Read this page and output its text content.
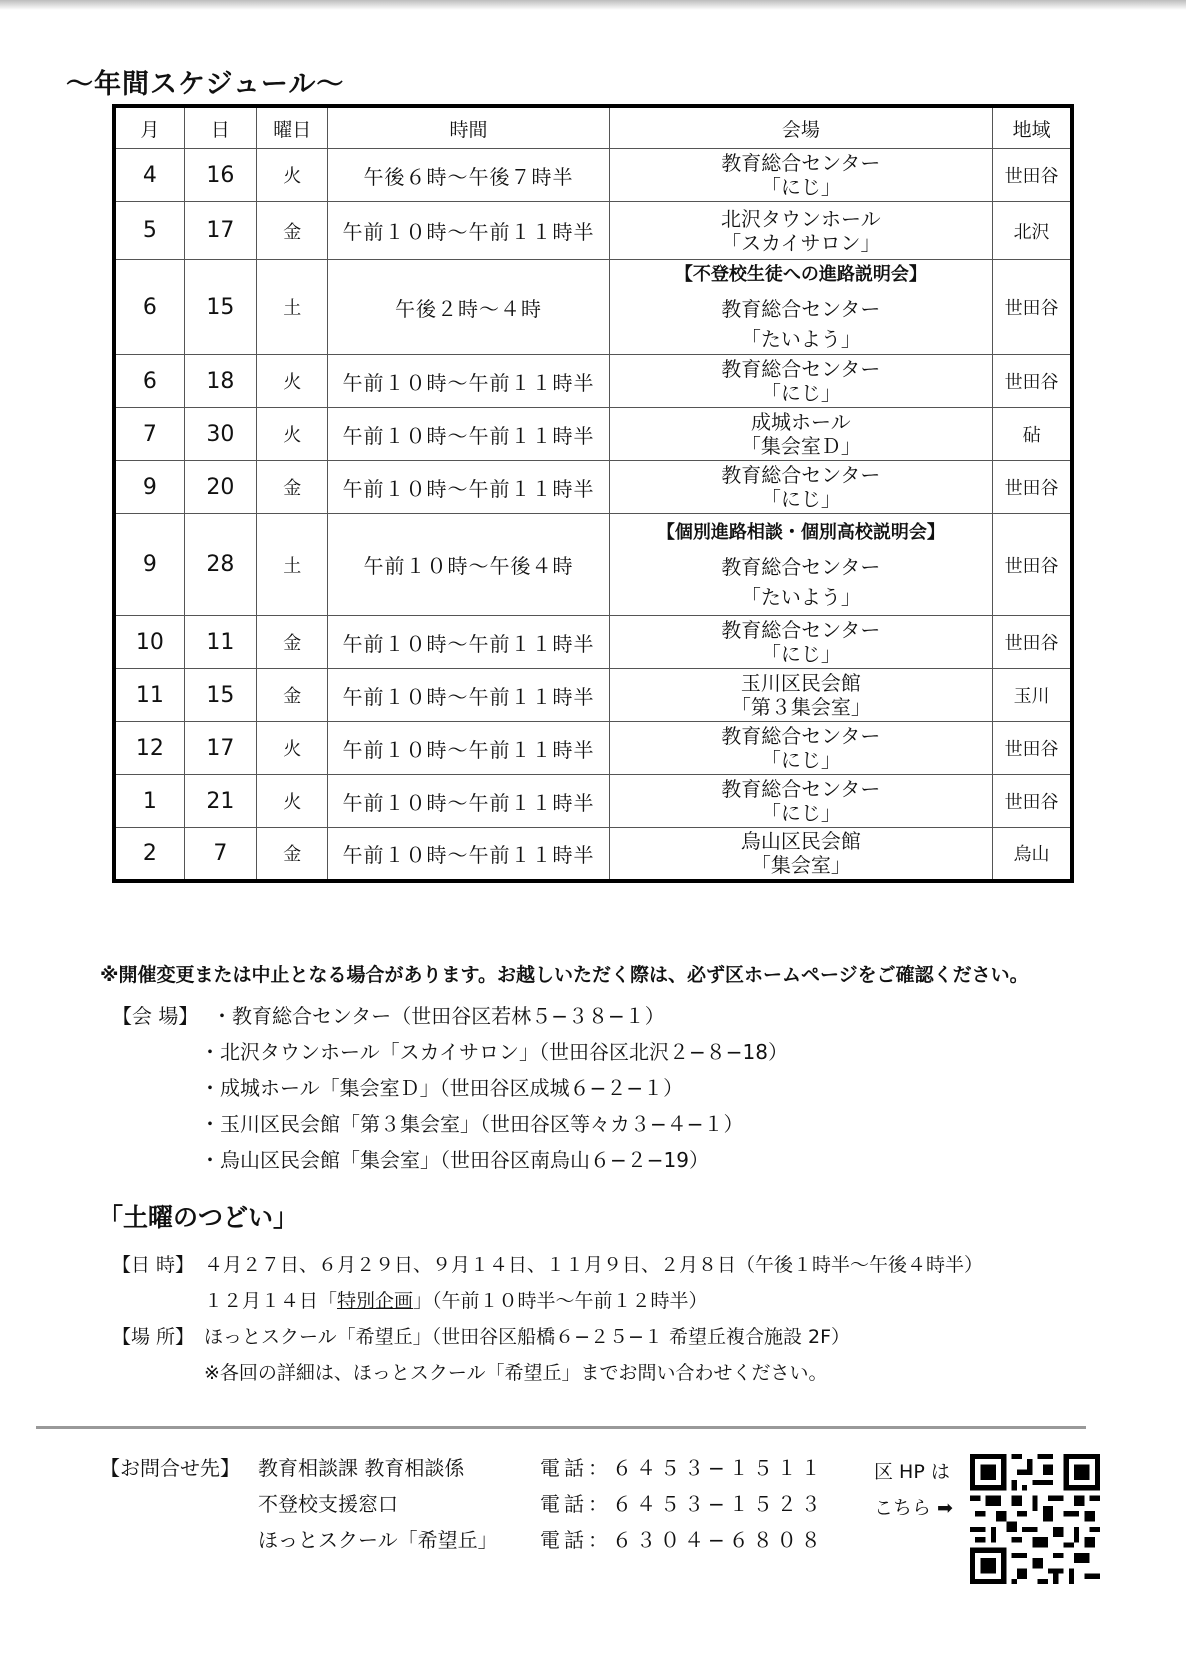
～年間スケジュール～
月	日	曜日	時間	会場	地域
4	16	火	午後６時～午後７時半	教育総合センター
「にじ」	世田谷
5	17	金	午前１０時～午前１１時半	北沢タウンホール
「スカイサロン」	北沢
6	15	土	午後２時～４時	【不登校生徒への進路説明会】
教育総合センター
「たいよう」	世田谷
6	18	火	午前１０時～午前１１時半	教育総合センター
「にじ」	世田谷
7	30	火	午前１０時～午前１１時半	成城ホール
「集会室Ｄ」	砧
9	20	金	午前１０時～午前１１時半	教育総合センター
「にじ」	世田谷
9	28	土	午前１０時～午後４時	【個別進路相談・個別高校説明会】
教育総合センター
「たいよう」	世田谷
10	11	金	午前１０時～午前１１時半	教育総合センター
「にじ」	世田谷
11	15	金	午前１０時～午前１１時半	玉川区民会館
「第３集会室」	玉川
12	17	火	午前１０時～午前１１時半	教育総合センター
「にじ」	世田谷
1	21	火	午前１０時～午前１１時半	教育総合センター
「にじ」	世田谷
2	7	金	午前１０時～午前１１時半	烏山区民会館
「集会室」	烏山
※開催変更または中止となる場合があります。お越しいただく際は、必ず区ホームページをご確認ください。
【会 場】 ・教育総合センター（世田谷区若林５−３８−１）
・北沢タウンホール「スカイサロン」（世田谷区北沢２−８−18）
・成城ホール「集会室Ｄ」（世田谷区成城６−２−１）
・玉川区民会館「第３集会室」（世田谷区等々カ３−４−１）
・烏山区民会館「集会室」（世田谷区南烏山６−２−19）
「土曜のつどい」
【日 時】 ４月２７日、６月２９日、９月１４日、１１月９日、２月８日（午後１時半～午後４時半）
１２月１４日「特別企画」（午前１０時半～午前１２時半）
【場 所】 ほっとスクール「希望丘」（世田谷区船橋６−２５−１ 希望丘複合施設 2F）
※各回の詳細は、ほっとスクール「希望丘」までお問い合わせください。
【お問合せ先】 教育相談課 教育相談係	電話：６４５３−１５１１
不登校支援窓口	電話：６４５３−１５２３
ほっとスクール「希望丘」 電話：６３０４−６８０８
区 HP は
こちら ➡
